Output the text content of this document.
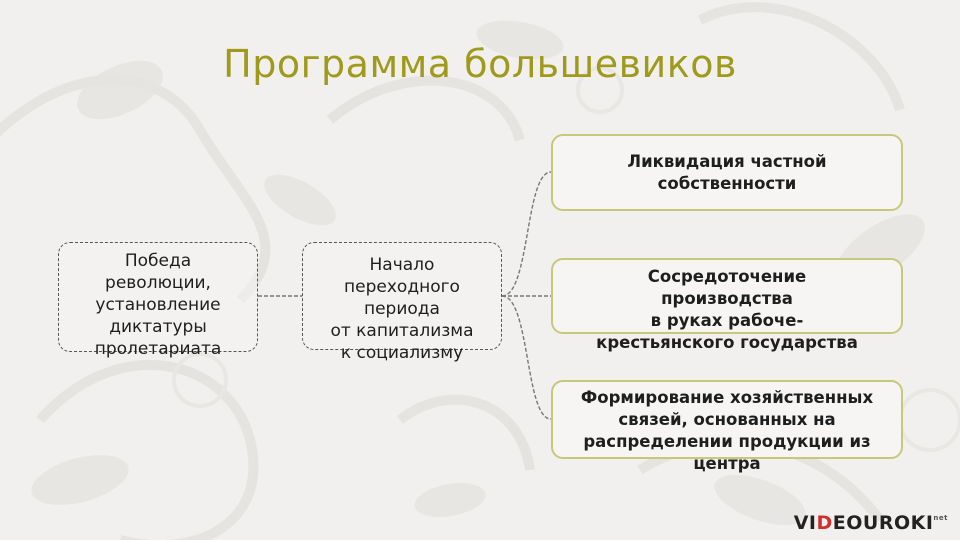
Программа большевиков
Победа
революции,
установление
диктатуры
пролетариата
Начало
переходного
периода
от капитализма
к социализму
Ликвидация частной
собственности
Сосредоточение
производства
в руках рабоче-
крестьянского государства
Формирование хозяйственных
связей, основанных на
распределении продукции из
центра
$VIDEOUROKI^{net}$
